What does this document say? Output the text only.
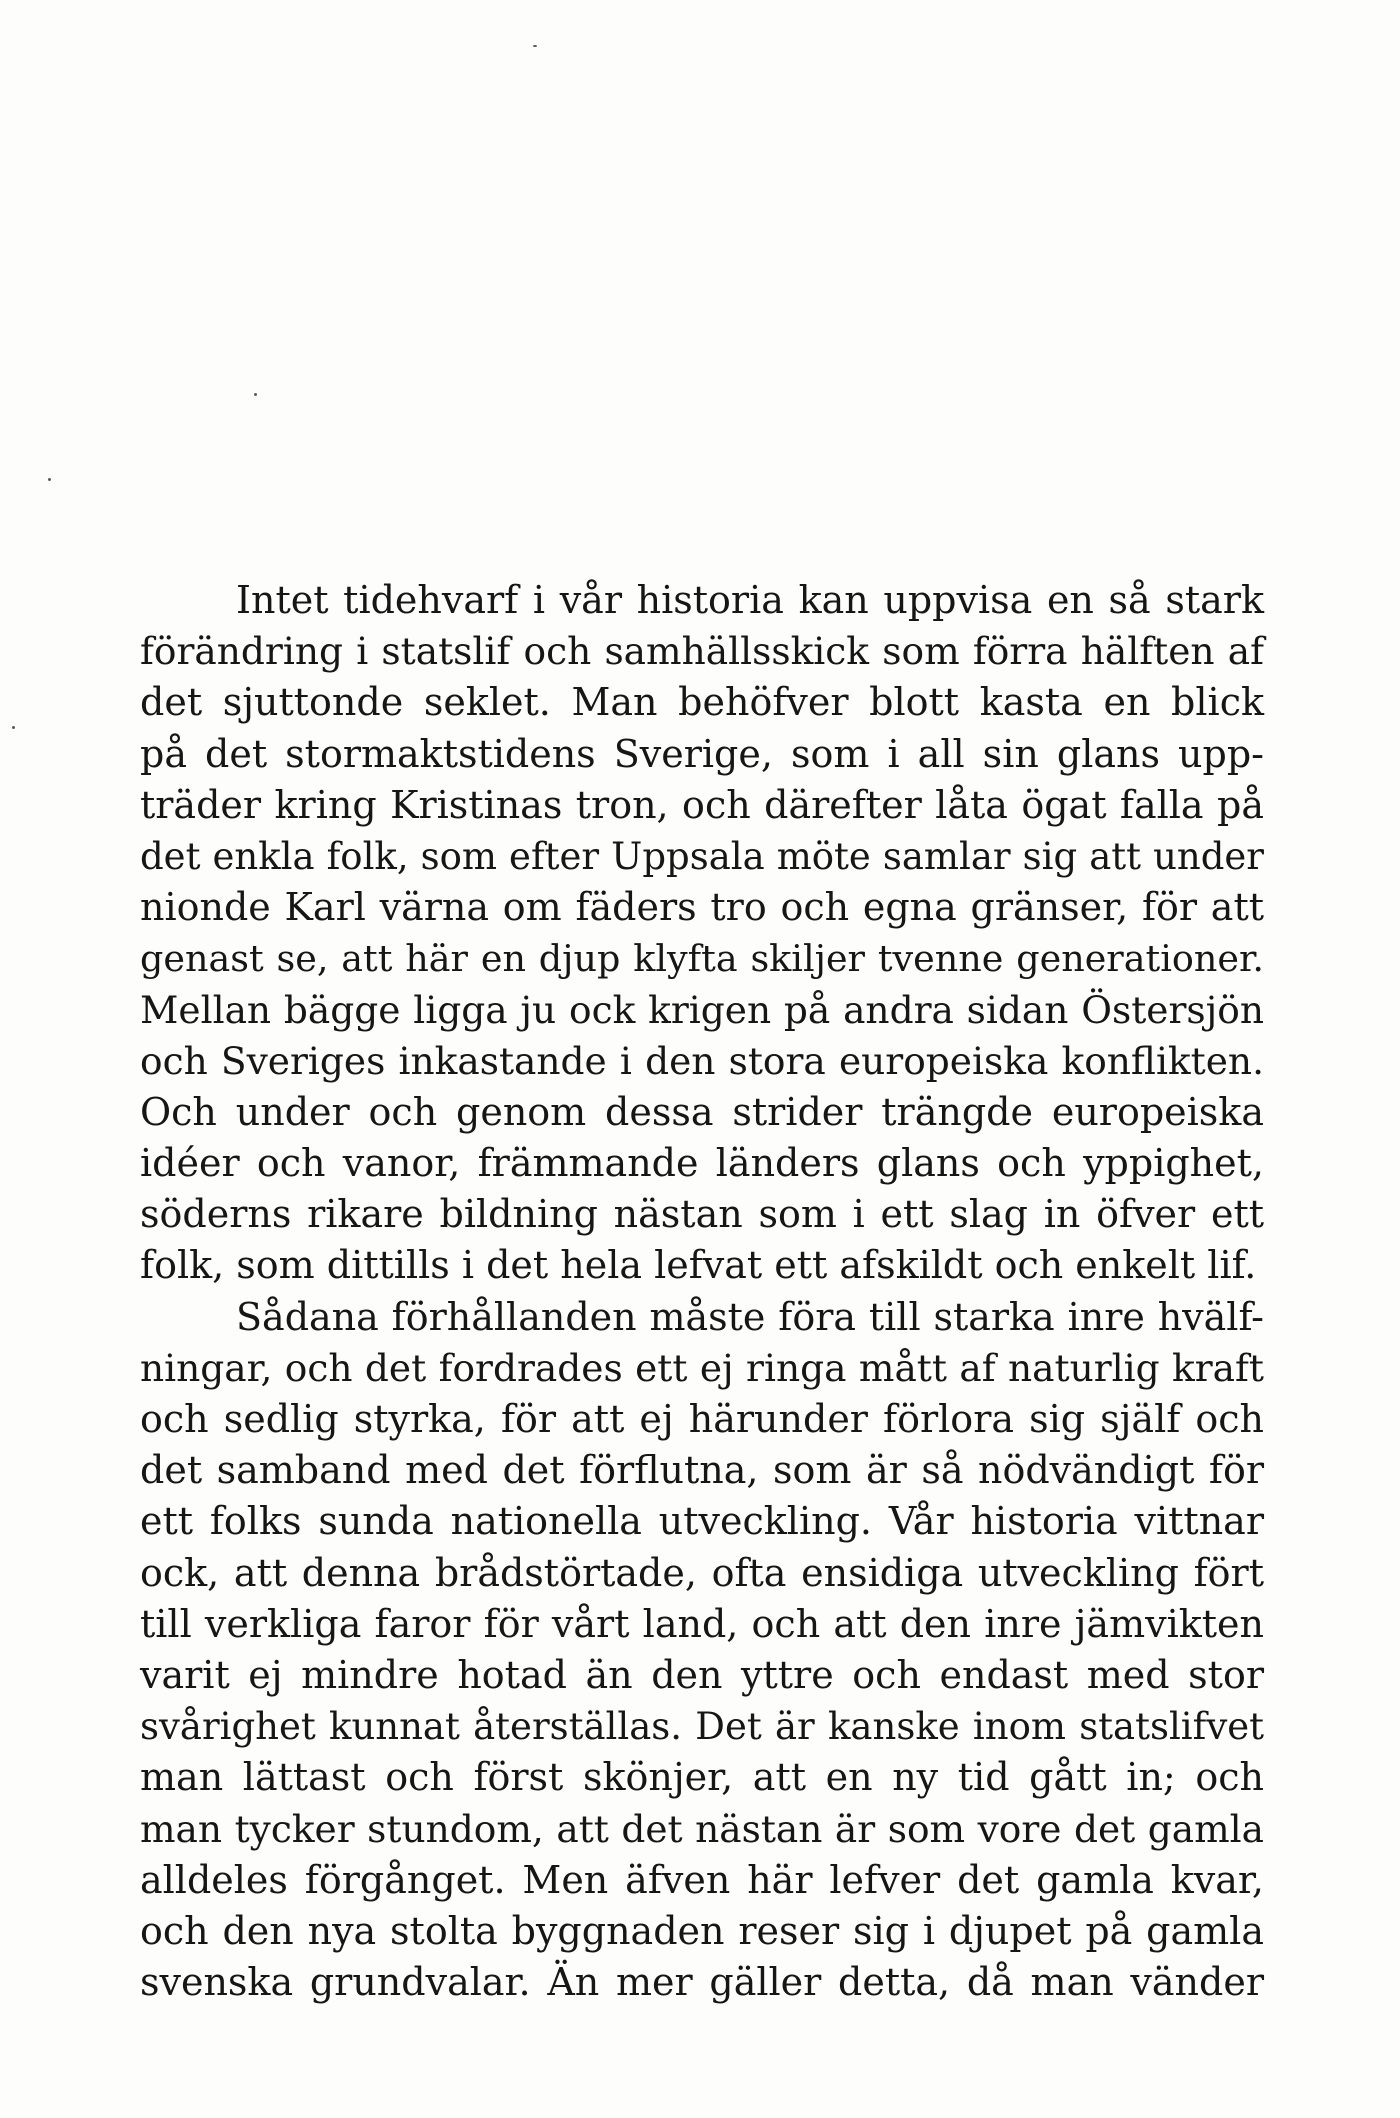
Intet tidehvarf i vår historia kan uppvisa en så stark
förändring i statslif och samhällsskick som förra hälften af
det sjuttonde seklet. Man behöfver blott kasta en blick
på det stormaktstidens Sverige, som i all sin glans upp-
träder kring Kristinas tron, och därefter låta ögat falla på
det enkla folk, som efter Uppsala möte samlar sig att under
nionde Karl värna om fäders tro och egna gränser, för att
genast se, att här en djup klyfta skiljer tvenne generationer.
Mellan bägge ligga ju ock krigen på andra sidan Östersjön
och Sveriges inkastande i den stora europeiska konflikten.
Och under och genom dessa strider trängde europeiska
idéer och vanor, främmande länders glans och yppighet,
söderns rikare bildning nästan som i ett slag in öfver ett
folk, som dittills i det hela lefvat ett afskildt och enkelt lif.
Sådana förhållanden måste föra till starka inre hvälf-
ningar, och det fordrades ett ej ringa mått af naturlig kraft
och sedlig styrka, för att ej härunder förlora sig själf och
det samband med det förflutna, som är så nödvändigt för
ett folks sunda nationella utveckling. Vår historia vittnar
ock, att denna brådstörtade, ofta ensidiga utveckling fört
till verkliga faror för vårt land, och att den inre jämvikten
varit ej mindre hotad än den yttre och endast med stor
svårighet kunnat återställas. Det är kanske inom statslifvet
man lättast och först skönjer, att en ny tid gått in; och
man tycker stundom, att det nästan är som vore det gamla
alldeles förgånget. Men äfven här lefver det gamla kvar,
och den nya stolta byggnaden reser sig i djupet på gamla
svenska grundvalar. Än mer gäller detta, då man vänder
